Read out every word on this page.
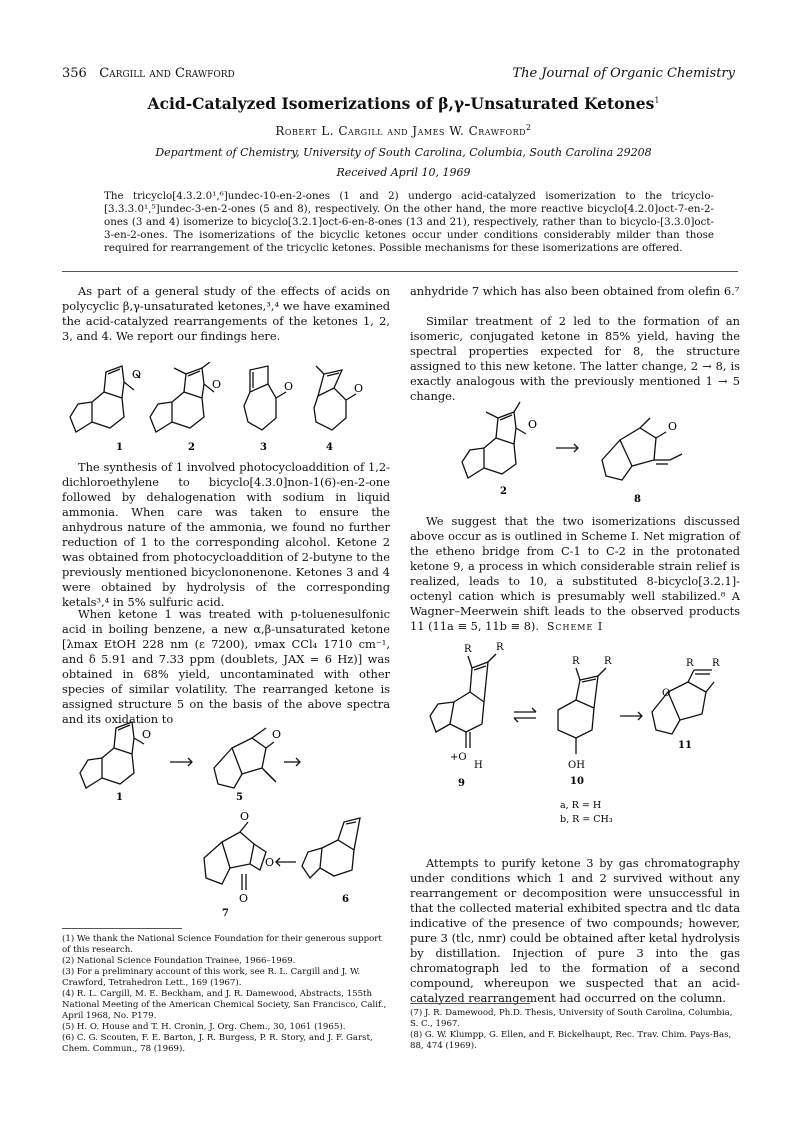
356 Cargill and Crawford	The Journal of Organic Chemistry
Acid-Catalyzed Isomerizations of β,γ-Unsaturated Ketones$^1$
Robert L. Cargill and James W. Crawford$^2$
Department of Chemistry, University of South Carolina, Columbia, South Carolina 29208
Received April 10, 1969
The tricyclo[4.3.2.0¹,⁶]undec-10-en-2-ones (1 and 2) undergo acid-catalyzed isomerization to the tricyclo-[3.3.3.0¹,⁵]undec-3-en-2-ones (5 and 8), respectively. On the other hand, the more reactive bicyclo[4.2.0]oct-7-en-2-ones (3 and 4) isomerize to bicyclo[3.2.1]oct-6-en-8-ones (13 and 21), respectively, rather than to bicyclo-[3.3.0]oct-3-en-2-ones. The isomerizations of the bicyclic ketones occur under conditions considerably milder than those required for rearrangement of the tricyclic ketones. Possible mechanisms for these isomerizations are offered.

As part of a general study of the effects of acids on polycyclic β,γ-unsaturated ketones,³,⁴ we have examined the acid-catalyzed rearrangements of the ketones 1, 2, 3, and 4. We report our findings here.

O
O	O	O
1	2	3	4

The synthesis of 1 involved photocycloaddition of 1,2-dichloroethylene to bicyclo[4.3.0]non-1(6)-en-2-one followed by dehalogenation with sodium in liquid ammonia. When care was taken to ensure the anhydrous nature of the ammonia, we found no further reduction of 1 to the corresponding alcohol. Ketone 2 was obtained from photocycloaddition of 2-butyne to the previously mentioned bicyclononenone. Ketones 3 and 4 were obtained by hydrolysis of the corresponding ketals³,⁴ in 5% sulfuric acid.

When ketone 1 was treated with p-toluenesulfonic acid in boiling benzene, a new α,β-unsaturated ketone [λmax EtOH 228 nm (ε 7200), νmax CCl₄ 1710 cm⁻¹, and δ 5.91 and 7.33 ppm (doublets, JAX = 6 Hz)] was obtained in 68% yield, uncontaminated with other species of similar volatility. The rearranged ketone is assigned structure 5 on the basis of the above spectra and its oxidation to

O	O
O
O
O
1	5
7
6

(1) We thank the National Science Foundation for their generous support of this research.

(2) National Science Foundation Trainee, 1966–1969.

(3) For a preliminary account of this work, see R. L. Cargill and J. W. Crawford, Tetrahedron Lett., 169 (1967).

(4) R. L. Cargill, M. E. Beckham, and J. R. Damewood, Abstracts, 155th National Meeting of the American Chemical Society, San Francisco, Calif., April 1968, No. P179.

(5) H. O. House and T. H. Cronin, J. Org. Chem., 30, 1061 (1965).

(6) C. G. Scouten, F. E. Barton, J. R. Burgess, P. R. Story, and J. F. Garst, Chem. Commun., 78 (1969).

anhydride 7 which has also been obtained from olefin 6.⁷

Similar treatment of 2 led to the formation of an isomeric, conjugated ketone in 85% yield, having the spectral properties expected for 8, the structure assigned to this new ketone. The latter change, 2 → 8, is exactly analogous with the previously mentioned 1 → 5 change.

O	O
2
8

We suggest that the two isomerizations discussed above occur as is outlined in Scheme I. Net migration of the etheno bridge from C-1 to C-2 in the protonated ketone 9, a process in which considerable strain relief is realized, leads to 10, a substituted 8-bicyclo[3.2.1]-octenyl cation which is presumably well stabilized.⁸ A Wagner–Meerwein shift leads to the observed products 11 (11a ≡ 5, 11b ≡ 8). Scheme I
R R
+O
H
R R
OH
R R
O
9	10
11
a, R = H
b, R = CH₃

Attempts to purify ketone 3 by gas chromatography under conditions which 1 and 2 survived without any rearrangement or decomposition were unsuccessful in that the collected material exhibited spectra and tlc data indicative of the presence of two compounds; however, pure 3 (tlc, nmr) could be obtained after ketal hydrolysis by distillation. Injection of pure 3 into the gas chromatograph led to the formation of a second compound, whereupon we suspected that an acid-catalyzed rearrangement had occurred on the column.

(7) J. R. Damewood, Ph.D. Thesis, University of South Carolina, Columbia, S. C., 1967.

(8) G. W. Klumpp, G. Ellen, and F. Bickelhaupt, Rec. Trav. Chim. Pays-Bas, 88, 474 (1969).
